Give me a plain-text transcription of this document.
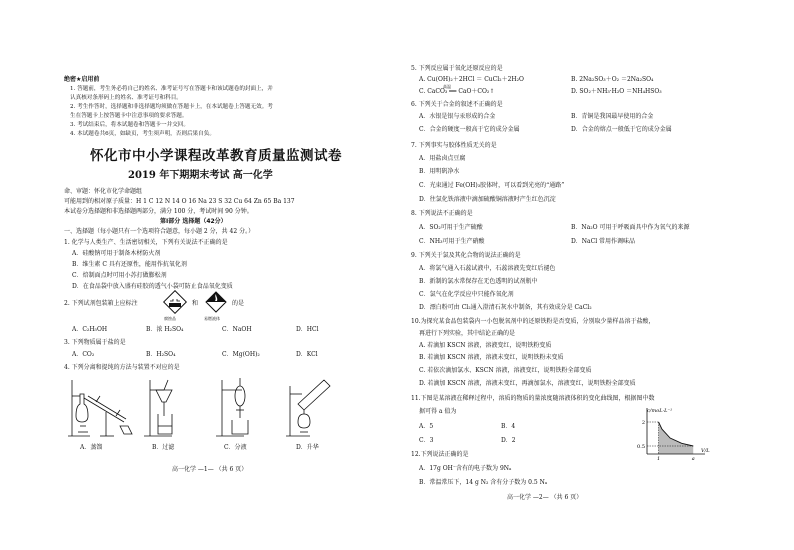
绝密★启用前
1. 答题前，考生务必将自己的姓名、准考证号写在答题卡和该试题卷的封面上，并
认真核对条形码上的姓名、准考证号和科目。
2. 考生作答时，选择题和非选择题均须做在答题卡上，在本试题卷上答题无效。考
生在答题卡上按答题卡中注意事项的要求答题。
3. 考试结束后，将本试题卷和答题卡一并交回。
4. 本试题卷共6页，如缺页，考生须声明，否则后果自负。
怀化市中小学课程改革教育质量监测试卷
2019 年下期期末考试 高一化学
命、审题：怀化市化学命题组
可能用到的相对原子质量：H 1 C 12 N 14 O 16 Na 23 S 32 Cu 64 Zn 65 Ba 137
本试卷分选择题和非选择题两部分，满分 100 分，考试时间 90 分钟。
第Ⅰ部分 选择题（42分）
一、选择题（每小题只有一个选项符合题意，每小题 2 分，共 42 分。）
1. 化学与人类生产、生活密切相关，下列有关说法不正确的是
A．硅酸钠可用于制备木材防火剂
B．维生素 C 具有还原性，能用作抗氧化剂
C．焙制面点时可用小苏打做膨松剂
D．在食品袋中放入盛有硅胶的透气小袋可防止食品氧化变质
2. 下列试剂包装箱上应标注
腐蚀品
和
易燃液体
的是
A．C₂H₅OH	B．浓 H₂SO₄	C．NaOH	D．HCl
3. 下列物质属于盐的是
A．CO₂	B．H₂SO₄	C．Mg(OH)₂	D．KCl
4. 下列分离和提纯的方法与装置不对应的是
A．蒸馏	B．过滤	C．分液	D．升华
高一化学 —1— （共 6 页）
5. 下列反应属于氧化还原反应的是
A. Cu(OH)₂＋2HCl ＝ CuCl₂＋2H₂O	B. 2Na₂SO₃＋O₂ ＝2Na₂SO₄
高温
C. CaCO₃ ══ CaO＋CO₂↑	D. SO₂＋NH₃·H₂O ＝NH₄HSO₃
6. 下列关于合金的叙述不正确的是
A．水银是银与汞形成的合金	B．青铜是我国最早使用的合金
C．合金的硬度一般高于它的成分金属	D．合金的熔点一般低于它的成分金属
7. 下列事实与胶体性质无关的是
A．用盐卤点豆腐
B．用明矾净水
C．光束通过 Fe(OH)₃胶体时，可以看到光亮的“通路”
D．往氯化铁溶液中滴加硫酸铜溶液时产生红色沉淀
8. 下列说法不正确的是
A．SO₂可用于生产硫酸	B．Na₂O 可用于呼吸面具中作为氧气的来源
C．NH₃可用于生产硝酸	D．NaCl 常用作调味品
9. 下列关于氯及其化合物的说法正确的是
A．将氯气通入石蕊试液中，石蕊溶液先变红后褪色
B．新制的氯水常保存在无色透明的试剂瓶中
C．氯气在化学反应中只能作氧化剂
D．漂白粉可由 Cl₂通入澄清石灰水中制备，其有效成分是 CaCl₂
10.为探究某食品包装袋内一小包脱氧剂中的还原铁粉是否变质，分别取少量样品溶于盐酸，
再进行下列实验，其中结论正确的是
A. 若滴加 KSCN 溶液，溶液变红，说明铁粉变质
B. 若滴加 KSCN 溶液，溶液未变红，说明铁粉未变质
C. 若依次滴加氯水、KSCN 溶液，溶液变红，说明铁粉全部变质
D. 若滴加 KSCN 溶液，溶液未变红，再滴加氯水，溶液变红，说明铁粉全部变质
11.下图是某溶液在稀释过程中，溶质的物质的量浓度随溶液体积的变化曲线图，根据图中数
据可得 a 值为
A．5	B．4
C．3	D．2
2
0.5
1	a
c/moL·L⁻¹
V/L
12.下列说法正确的是
A．17g OH⁻含有的电子数为 9Nₐ
B．常温常压下，14 g N₂ 含有分子数为 0.5 Nₐ
高一化学 —2— （共 6 页）
